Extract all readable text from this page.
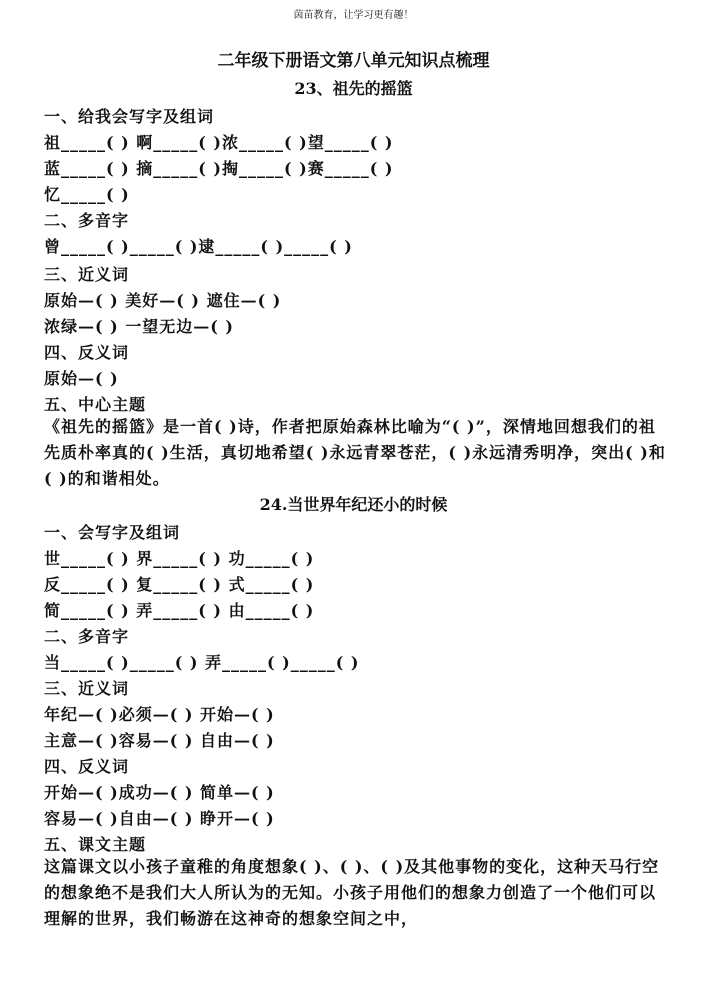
茵苗教育，让学习更有趣！
二年级下册语文第八单元知识点梳理
23、祖先的摇篮
一、给我会写字及组词
祖_____( ) 啊_____( )浓_____( )望_____( )
蓝_____( ) 摘_____( )掏_____( )赛_____( )
忆_____( )
二、多音字
曾_____( )_____( )逮_____( )_____( )
三、近义词
原始—( ) 美好—( ) 遮住—( )
浓绿—( ) 一望无边—( )
四、反义词
原始—( )
五、中心主题
《祖先的摇篮》是一首( )诗，作者把原始森林比喻为“( )”，深情地回想我们的祖先质朴率真的( )生活，真切地希望( )永远青翠苍茫，( )永远清秀明净，突出( )和( )的和谐相处。
24.当世界年纪还小的时候
一、会写字及组词
世_____( ) 界_____( ) 功_____( )
反_____( ) 复_____( ) 式_____( )
简_____( ) 弄_____( ) 由_____( )
二、多音字
当_____( )_____( ) 弄_____( )_____( )
三、近义词
年纪—( )必须—( ) 开始—( )
主意—( )容易—( ) 自由—( )
四、反义词
开始—( )成功—( ) 简单—( )
容易—( )自由—( ) 睁开—( )
五、课文主题
这篇课文以小孩子童稚的角度想象( )、( )、( )及其他事物的变化，这种天马行空的想象绝不是我们大人所认为的无知。小孩子用他们的想象力创造了一个他们可以理解的世界，我们畅游在这神奇的想象空间之中，
